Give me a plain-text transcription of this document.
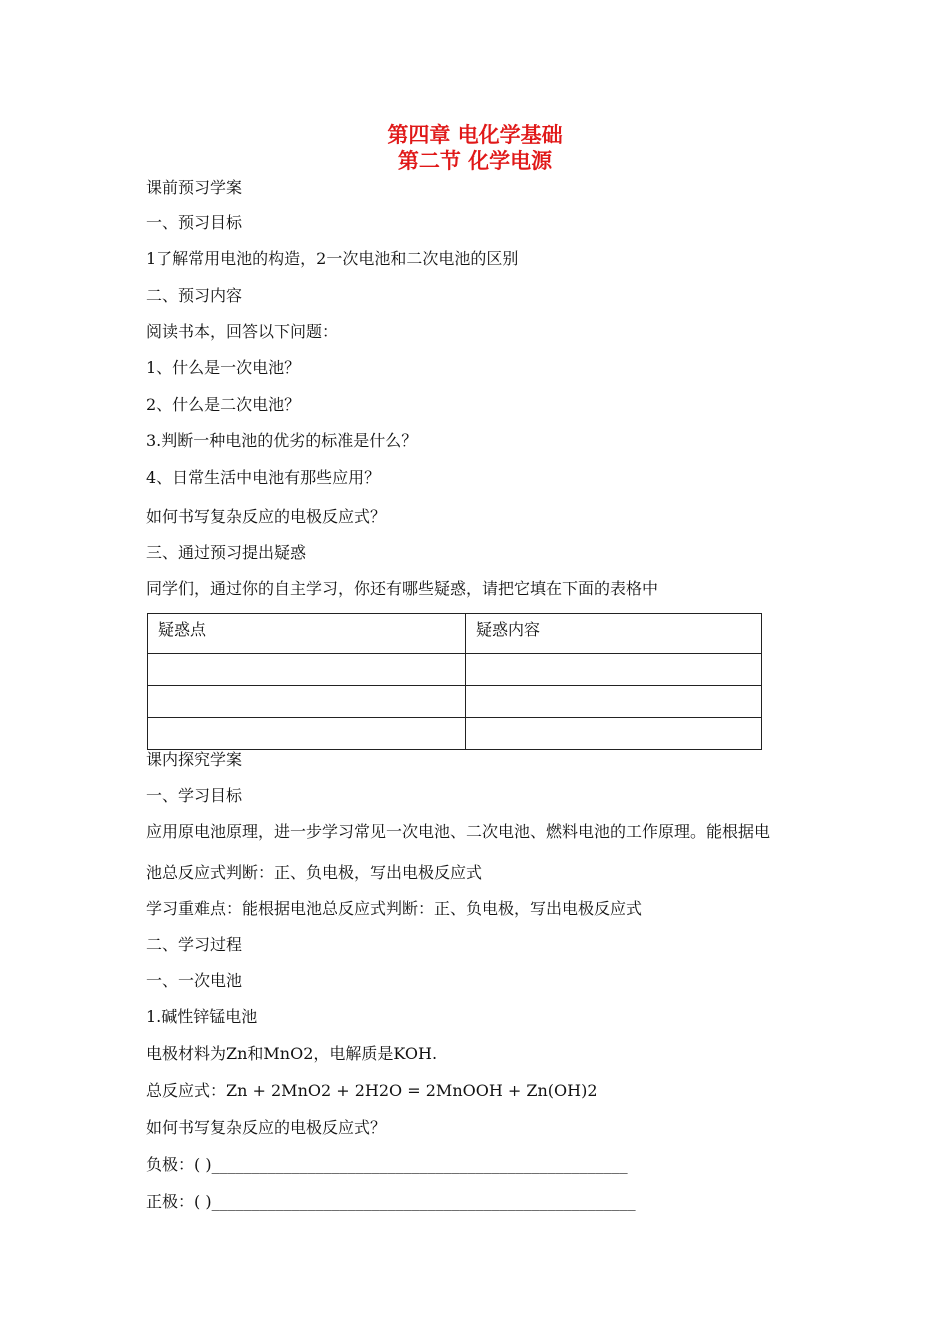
第四章 电化学基础
第二节 化学电源
课前预习学案
一、预习目标
1了解常用电池的构造，2一次电池和二次电池的区别
二、预习内容
阅读书本，回答以下问题：
1、什么是一次电池？
2、什么是二次电池？
3.判断一种电池的优劣的标准是什么？
4、日常生活中电池有那些应用？
如何书写复杂反应的电极反应式？
三、通过预习提出疑惑
同学们，通过你的自主学习，你还有哪些疑惑，请把它填在下面的表格中
疑惑点	疑惑内容

课内探究学案
一、学习目标
应用原电池原理，进一步学习常见一次电池、二次电池、燃料电池的工作原理。能根据电
池总反应式判断：正、负电极，写出电极反应式
学习重难点：能根据电池总反应式判断：正、负电极，写出电极反应式
二、学习过程
一、一次电池
1.碱性锌锰电池
电极材料为Zn和MnO2，电解质是KOH.
总反应式：Zn + 2MnO2 + 2H2O = 2MnOOH + Zn(OH)2
如何书写复杂反应的电极反应式？
负极：( )____________________________________________________
正极：( )_____________________________________________________
